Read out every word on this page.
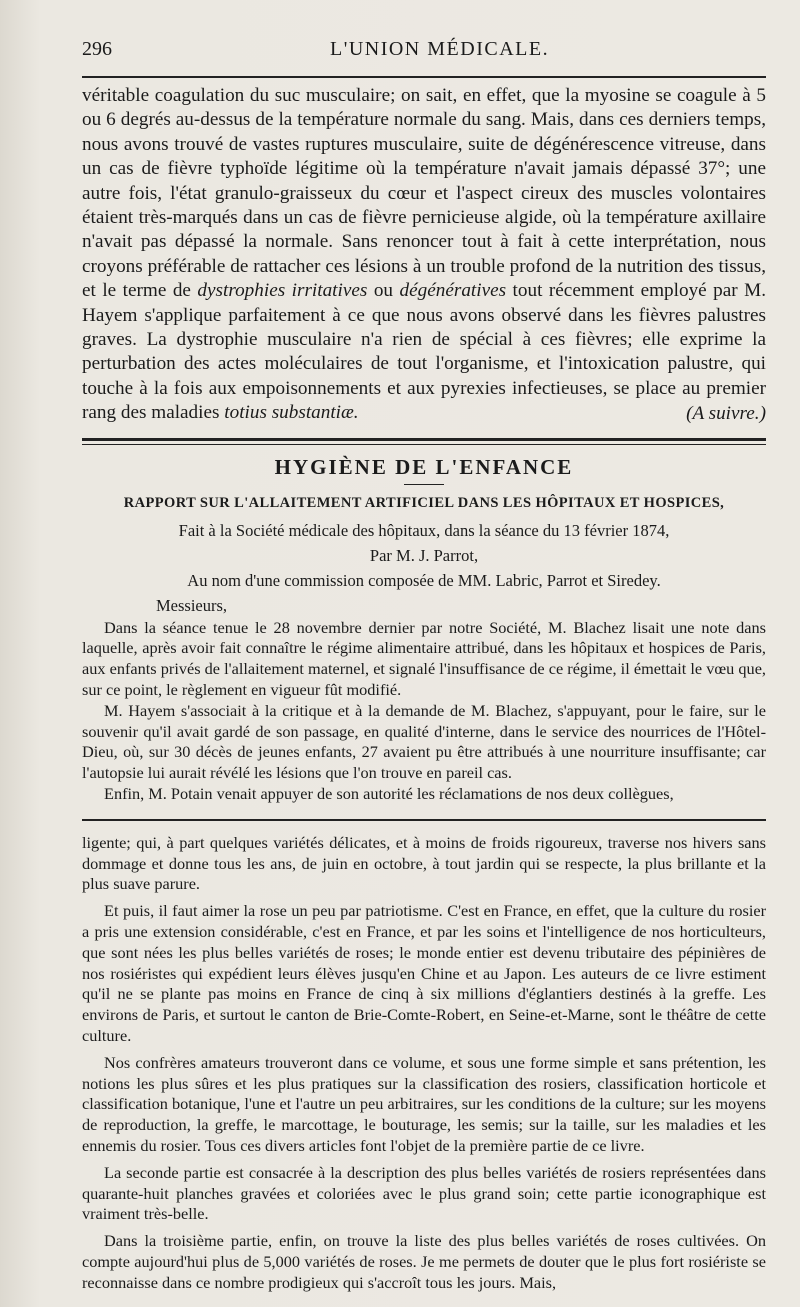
296	L'UNION MÉDICALE.

véritable coagulation du suc musculaire; on sait, en effet, que la myosine se coagule à 5 ou 6 degrés au-dessus de la température normale du sang. Mais, dans ces derniers temps, nous avons trouvé de vastes ruptures musculaire, suite de dégénérescence vitreuse, dans un cas de fièvre typhoïde légitime où la température n'avait jamais dépassé 37°; une autre fois, l'état granulo-graisseux du cœur et l'aspect cireux des muscles volontaires étaient très-marqués dans un cas de fièvre pernicieuse algide, où la température axillaire n'avait pas dépassé la normale. Sans renoncer tout à fait à cette interprétation, nous croyons préférable de rattacher ces lésions à un trouble profond de la nutrition des tissus, et le terme de dystrophies irritatives ou dégénératives tout récemment employé par M. Hayem s'applique parfaitement à ce que nous avons observé dans les fièvres palustres graves. La dystrophie musculaire n'a rien de spécial à ces fièvres; elle exprime la perturbation des actes moléculaires de tout l'organisme, et l'intoxication palustre, qui touche à la fois aux empoisonnements et aux pyrexies infectieuses, se place au premier rang des maladies totius substantiæ.	(A suivre.)

HYGIÈNE DE L'ENFANCE
RAPPORT SUR L'ALLAITEMENT ARTIFICIEL DANS LES HÔPITAUX ET HOSPICES,
Fait à la Société médicale des hôpitaux, dans la séance du 13 février 1874,
Par M. J. Parrot,
Au nom d'une commission composée de MM. Labric, Parrot et Siredey.
Messieurs,

Dans la séance tenue le 28 novembre dernier par notre Société, M. Blachez lisait une note dans laquelle, après avoir fait connaître le régime alimentaire attribué, dans les hôpitaux et hospices de Paris, aux enfants privés de l'allaitement maternel, et signalé l'insuffisance de ce régime, il émettait le vœu que, sur ce point, le règlement en vigueur fût modifié.

M. Hayem s'associait à la critique et à la demande de M. Blachez, s'appuyant, pour le faire, sur le souvenir qu'il avait gardé de son passage, en qualité d'interne, dans le service des nourrices de l'Hôtel-Dieu, où, sur 30 décès de jeunes enfants, 27 avaient pu être attribués à une nourriture insuffisante; car l'autopsie lui aurait révélé les lésions que l'on trouve en pareil cas.

Enfin, M. Potain venait appuyer de son autorité les réclamations de nos deux collègues,

ligente; qui, à part quelques variétés délicates, et à moins de froids rigoureux, traverse nos hivers sans dommage et donne tous les ans, de juin en octobre, à tout jardin qui se respecte, la plus brillante et la plus suave parure.

Et puis, il faut aimer la rose un peu par patriotisme. C'est en France, en effet, que la culture du rosier a pris une extension considérable, c'est en France, et par les soins et l'intelligence de nos horticulteurs, que sont nées les plus belles variétés de roses; le monde entier est devenu tributaire des pépinières de nos rosiéristes qui expédient leurs élèves jusqu'en Chine et au Japon. Les auteurs de ce livre estiment qu'il ne se plante pas moins en France de cinq à six millions d'églantiers destinés à la greffe. Les environs de Paris, et surtout le canton de Brie-Comte-Robert, en Seine-et-Marne, sont le théâtre de cette culture.

Nos confrères amateurs trouveront dans ce volume, et sous une forme simple et sans prétention, les notions les plus sûres et les plus pratiques sur la classification des rosiers, classification horticole et classification botanique, l'une et l'autre un peu arbitraires, sur les conditions de la culture; sur les moyens de reproduction, la greffe, le marcottage, le bouturage, les semis; sur la taille, sur les maladies et les ennemis du rosier. Tous ces divers articles font l'objet de la première partie de ce livre.

La seconde partie est consacrée à la description des plus belles variétés de rosiers représentées dans quarante-huit planches gravées et coloriées avec le plus grand soin; cette partie iconographique est vraiment très-belle.

Dans la troisième partie, enfin, on trouve la liste des plus belles variétés de roses cultivées. On compte aujourd'hui plus de 5,000 variétés de roses. Je me permets de douter que le plus fort rosiériste se reconnaisse dans ce nombre prodigieux qui s'accroît tous les jours. Mais,
